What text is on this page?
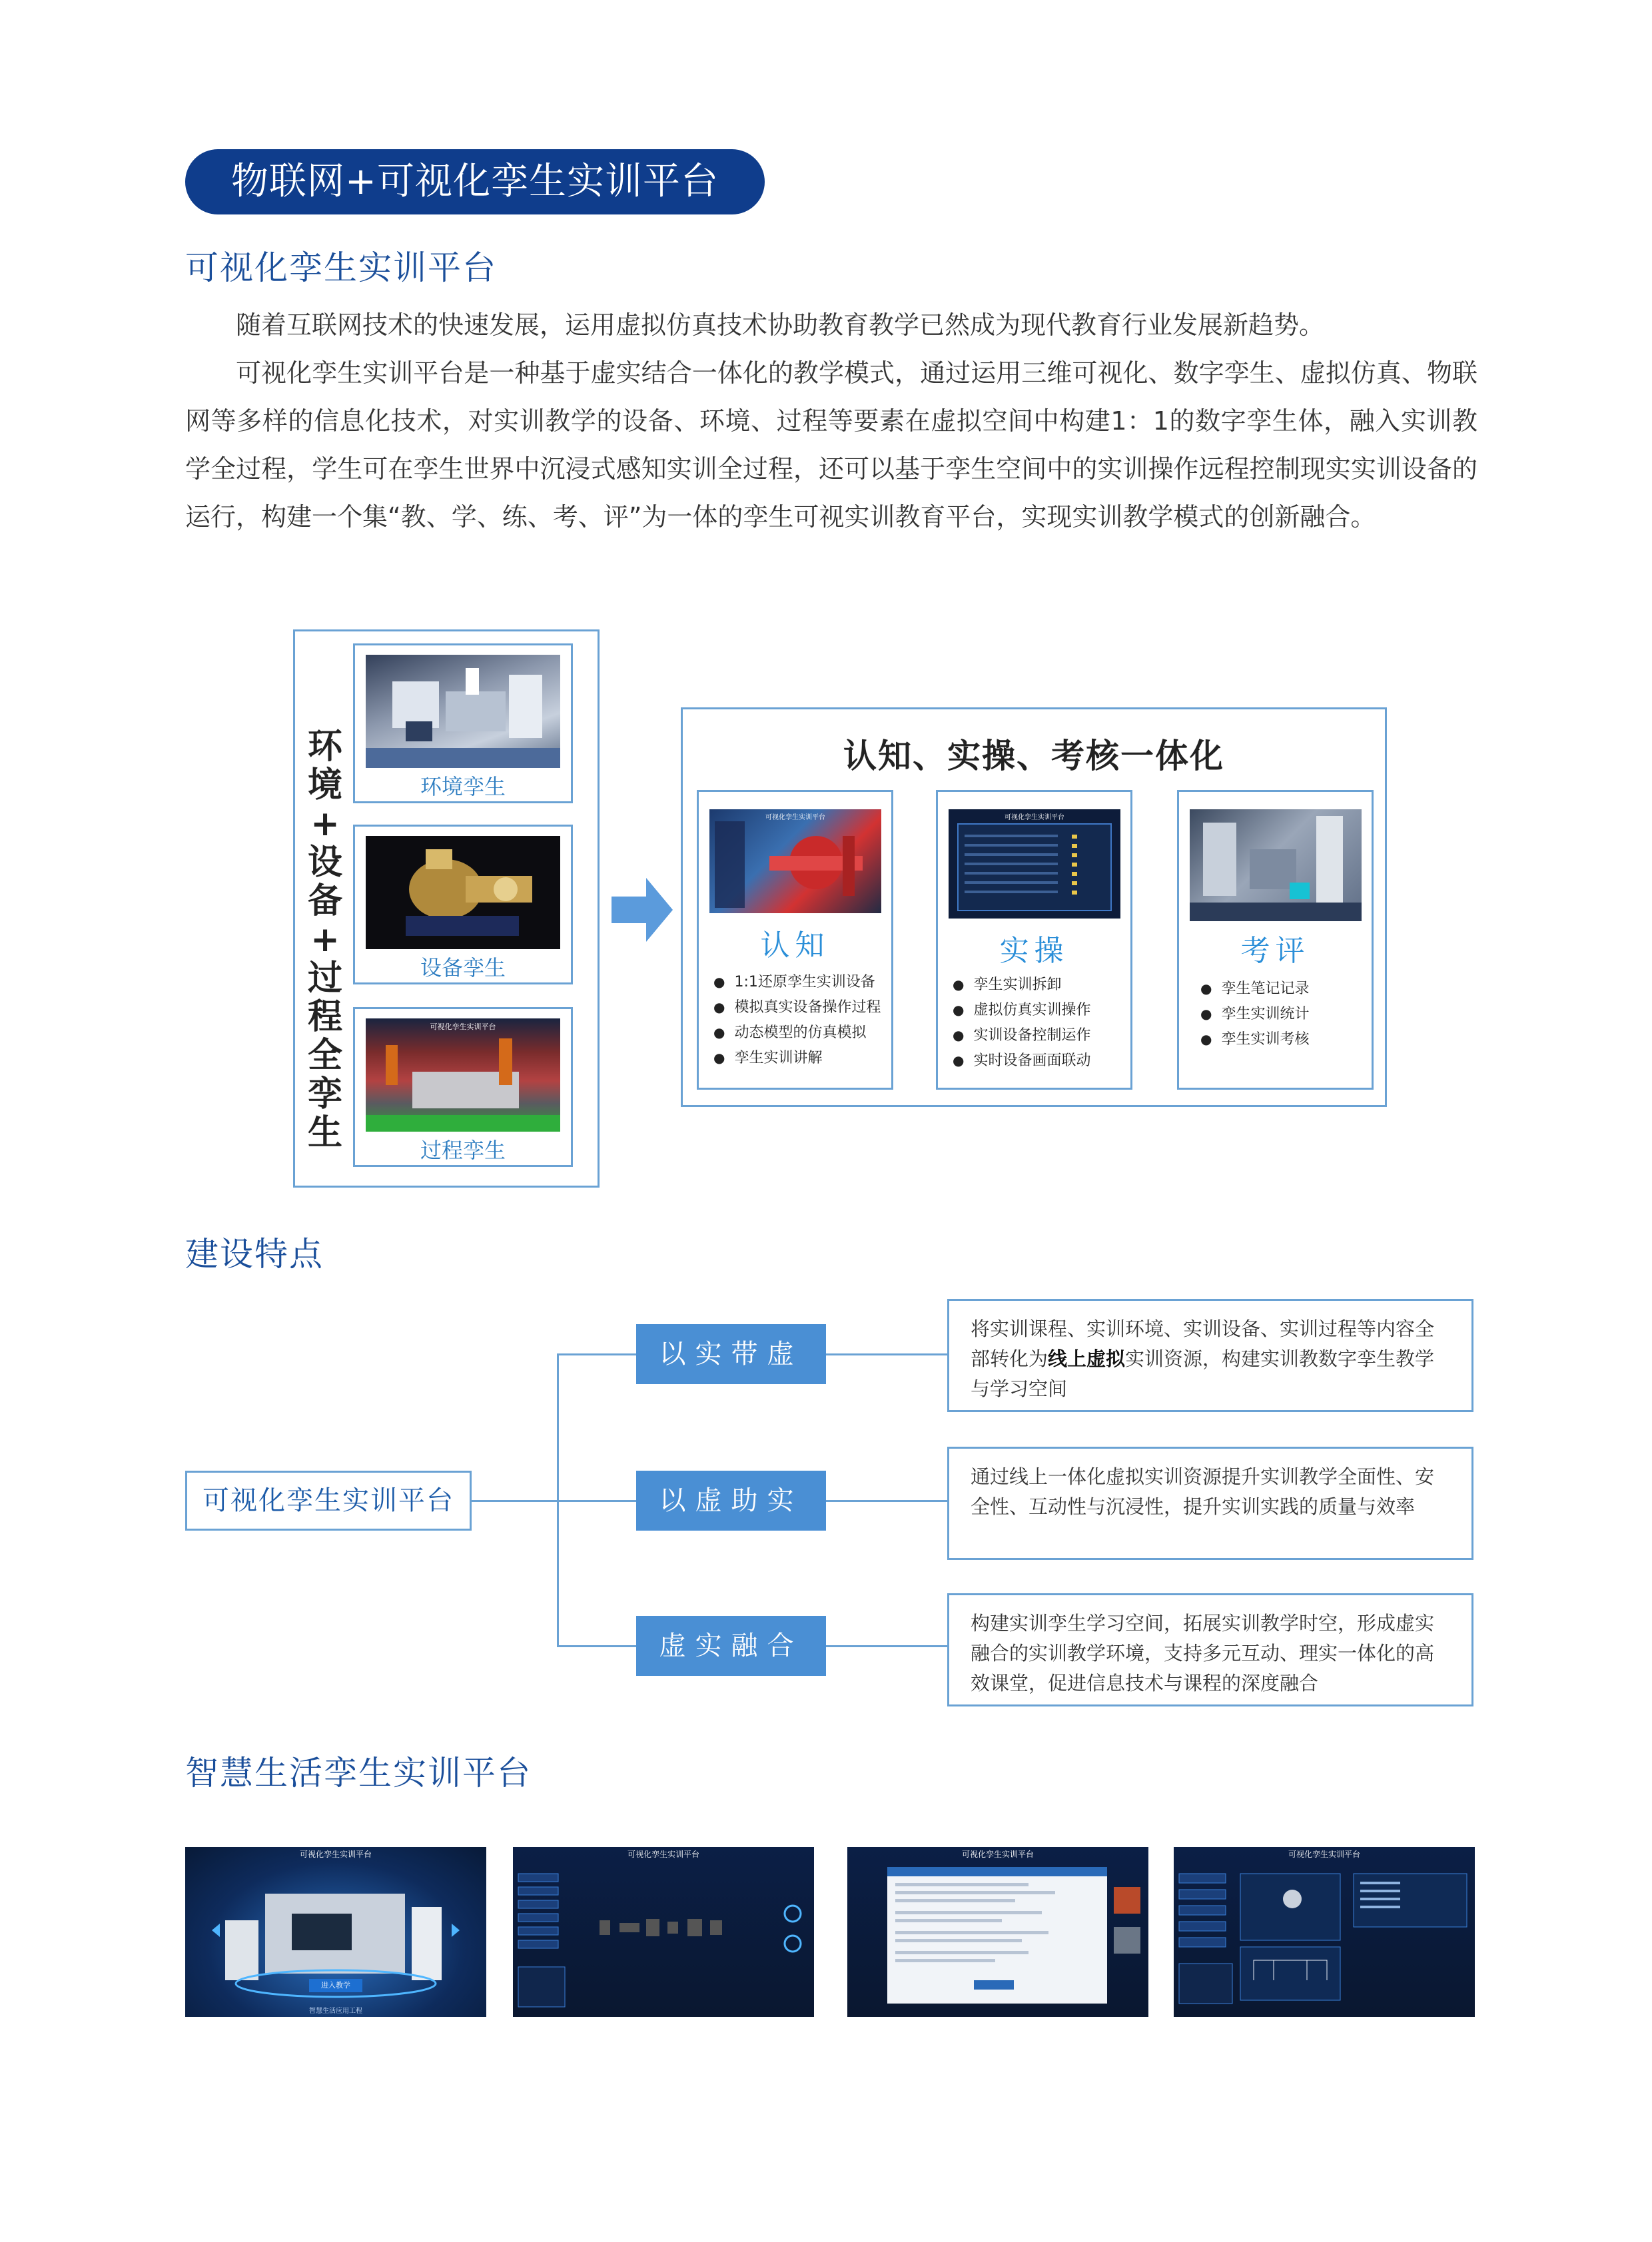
物联网+可视化孪生实训平台
可视化孪生实训平台
随着互联网技术的快速发展，运用虚拟仿真技术协助教育教学已然成为现代教育行业发展新趋势。
可视化孪生实训平台是一种基于虚实结合一体化的教学模式，通过运用三维可视化、数字孪生、虚拟仿真、物联网等多样的信息化技术，对实训教学的设备、环境、过程等要素在虚拟空间中构建1：1的数字孪生体，融入实训教学全过程，学生可在孪生世界中沉浸式感知实训全过程，还可以基于孪生空间中的实训操作远程控制现实实训设备的运行，构建一个集“教、学、练、考、评”为一体的孪生可视实训教育平台，实现实训教学模式的创新融合。
环
境
+
设
备
+
过
程
全
孪
生
环境孪生
设备孪生
可视化孪生实训平台
过程孪生
认知、实操、考核一体化
可视化孪生实训平台
认知
● 1:1还原孪生实训设备
● 模拟真实设备操作过程
● 动态模型的仿真模拟
● 孪生实训讲解
可视化孪生实训平台
实操
● 孪生实训拆卸
● 虚拟仿真实训操作
● 实训设备控制运作
● 实时设备画面联动
考评
● 孪生笔记记录
● 孪生实训统计
● 孪生实训考核
建设特点
可视化孪生实训平台
以实带虚
将实训课程、实训环境、实训设备、实训过程等内容全部转化为线上虚拟实训资源，构建实训教数字孪生教学与学习空间
以虚助实
通过线上一体化虚拟实训资源提升实训教学全面性、安全性、互动性与沉浸性，提升实训实践的质量与效率
虚实融合
构建实训孪生学习空间，拓展实训教学时空，形成虚实融合的实训教学环境，支持多元互动、理实一体化的高效课堂，促进信息技术与课程的深度融合
智慧生活孪生实训平台
可视化孪生实训平台
进入教学
智慧生活应用工程
可视化孪生实训平台	可视化孪生实训平台	可视化孪生实训平台
